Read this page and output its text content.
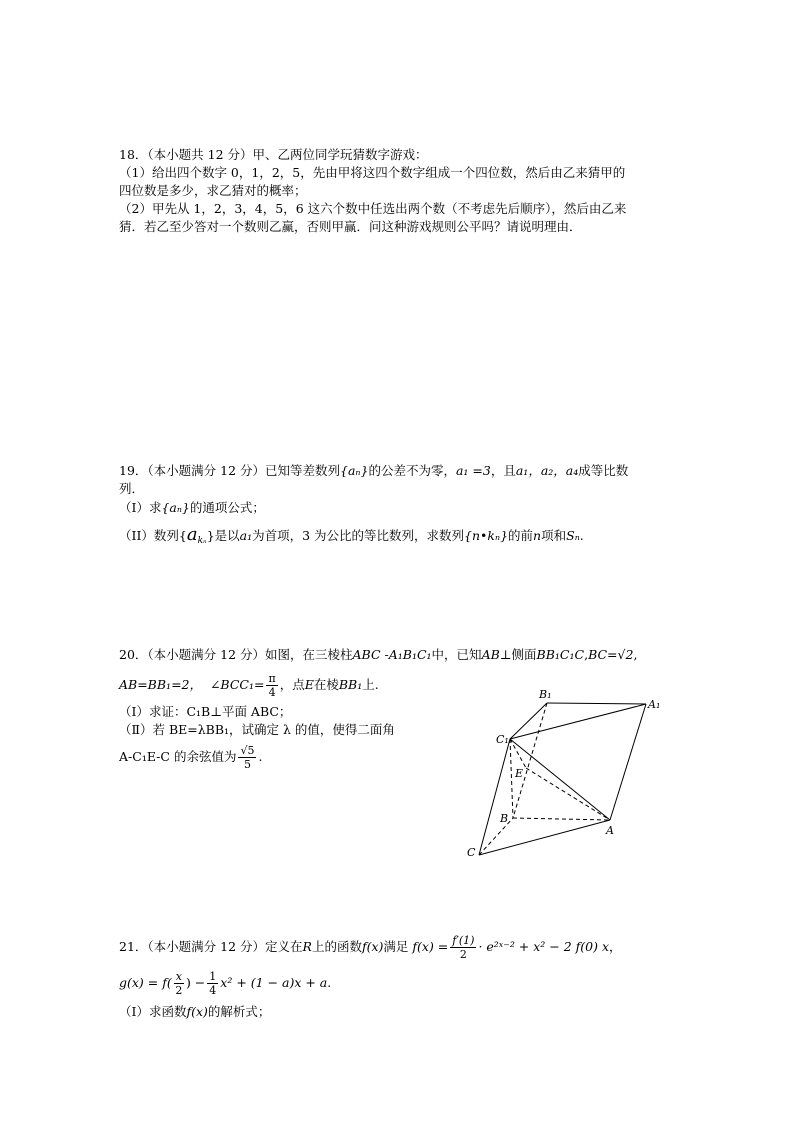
18．（本小题共 12 分）甲、乙两位同学玩猜数字游戏：
（1）给出四个数字 0，1，2，5，先由甲将这四个数字组成一个四位数，然后由乙来猜甲的
四位数是多少，求乙猜对的概率；
（2）甲先从 1，2，3，4，5，6 这六个数中任选出两个数（不考虑先后顺序），然后由乙来
猜．若乙至少答对一个数则乙赢，否则甲赢．问这种游戏规则公平吗？请说明理由．
19．（本小题满分 12 分）已知等差数列{aₙ}的公差不为零，a₁ =3，且a₁，a₂，a₄成等比数
列．
（I）求{aₙ}的通项公式；
（II）数列$\{a_{k_n}\}$是以a₁为首项，3 为公比的等比数列，求数列{n•kₙ}的前n项和Sₙ.
20．（本小题满分 12 分）如图，在三棱柱ABC -A₁B₁C₁中，已知AB⊥侧面BB₁C₁C,BC=√2,
AB=BB₁=2， ∠BCC₁= $\frac{\pi}{4}$ ，点E在棱BB₁上.
（Ⅰ）求证：C₁B⊥平面 ABC；
（Ⅱ）若 BE=λBB₁，试确定 λ 的值，使得二面角
A-C₁E-C 的余弦值为 $\frac{√5}{5}$ .
B₁
A₁
C₁
E
B
A
C
21．（本小题满分 12 分）定义在R上的函数f(x)满足 $f(x) = \frac{f'(1)}{2}$ · e²ˣ⁻² + x² − 2 f(0) x，
$g(x) = f( \frac{x}{2}$ ) − $\frac{1}{4} x^2 + (1 - a)x + a$.
（Ⅰ）求函数f(x)的解析式；
